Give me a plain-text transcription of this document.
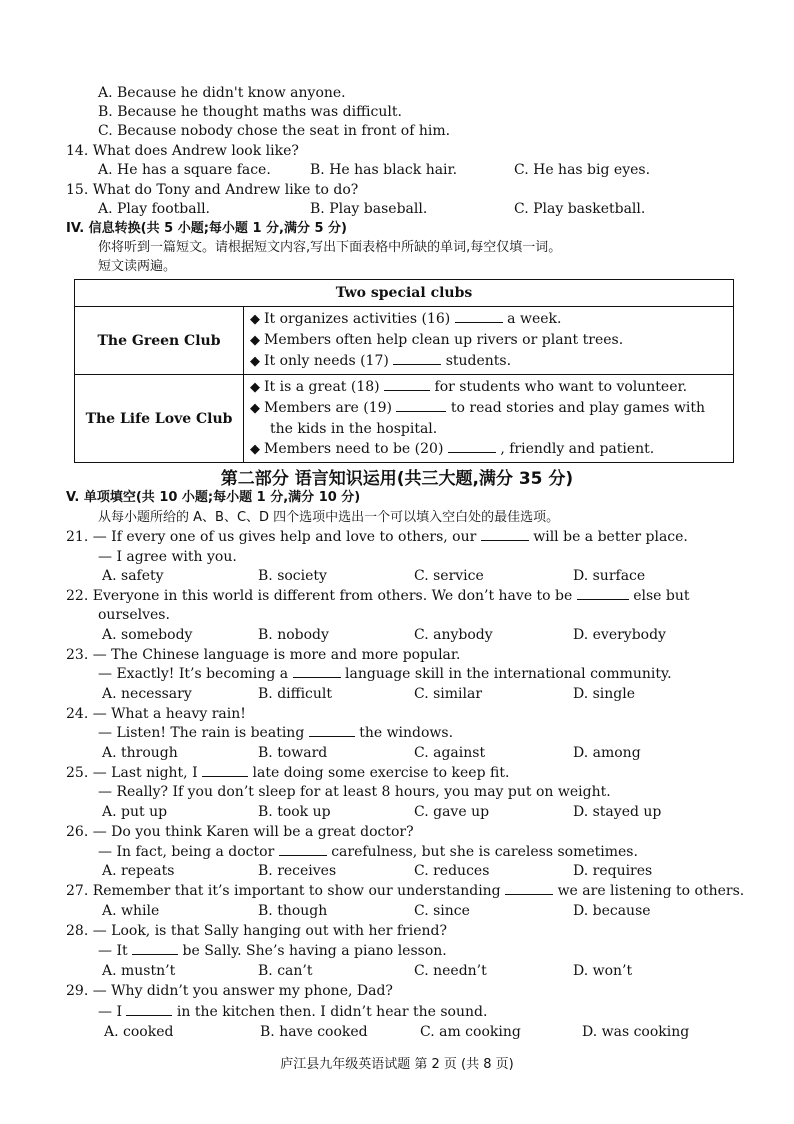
A. Because he didn't know anyone.
B. Because he thought maths was difficult.
C. Because nobody chose the seat in front of him.
14. What does Andrew look like?
A. He has a square face.	B. He has black hair.	C. He has big eyes.
15. What do Tony and Andrew like to do?
A. Play football.	B. Play baseball.	C. Play basketball.
IV. 信息转换(共 5 小题;每小题 1 分,满分 5 分)
你将听到一篇短文。请根据短文内容,写出下面表格中所缺的单词,每空仅填一词。
短文读两遍。
Two special clubs	
The Green Club	◆ It organizes activities (16) a week.
◆ Members often help clean up rivers or plant trees.
◆ It only needs (17) students.

The Life Love Club	◆ It is a great (18) for students who want to volunteer.
◆ Members are (19) to read stories and play games with
the kids in the hospital.
◆ Members need to be (20) , friendly and patient.
第二部分 语言知识运用(共三大题,满分 35 分)
V. 单项填空(共 10 小题;每小题 1 分,满分 10 分)
从每小题所给的 A、B、C、D 四个选项中选出一个可以填入空白处的最佳选项。
21. — If every one of us gives help and love to others, our	will be a better place.
— I agree with you.
A. safety	B. society	C. service	D. surface
22. Everyone in this world is different from others. We don’t have to be	else but
ourselves.
A. somebody	B. nobody	C. anybody	D. everybody
23. — The Chinese language is more and more popular.
— Exactly! It’s becoming a	language skill in the international community.
A. necessary	B. difficult	C. similar	D. single
24. — What a heavy rain!
— Listen! The rain is beating	the windows.
A. through	B. toward	C. against	D. among
25. — Last night, I	late doing some exercise to keep fit.
— Really? If you don’t sleep for at least 8 hours, you may put on weight.
A. put up	B. took up	C. gave up	D. stayed up
26. — Do you think Karen will be a great doctor?
— In fact, being a doctor	carefulness, but she is careless sometimes.
A. repeats	B. receives	C. reduces	D. requires
27. Remember that it’s important to show our understanding	we are listening to others.
A. while	B. though	C. since	D. because
28. — Look, is that Sally hanging out with her friend?
— It	be Sally. She’s having a piano lesson.
A. mustn’t	B. can’t	C. needn’t	D. won’t
29. — Why didn’t you answer my phone, Dad?
— I	in the kitchen then. I didn’t hear the sound.
A. cooked	B. have cooked	C. am cooking	D. was cooking
庐江县九年级英语试题 第 2 页 (共 8 页)
